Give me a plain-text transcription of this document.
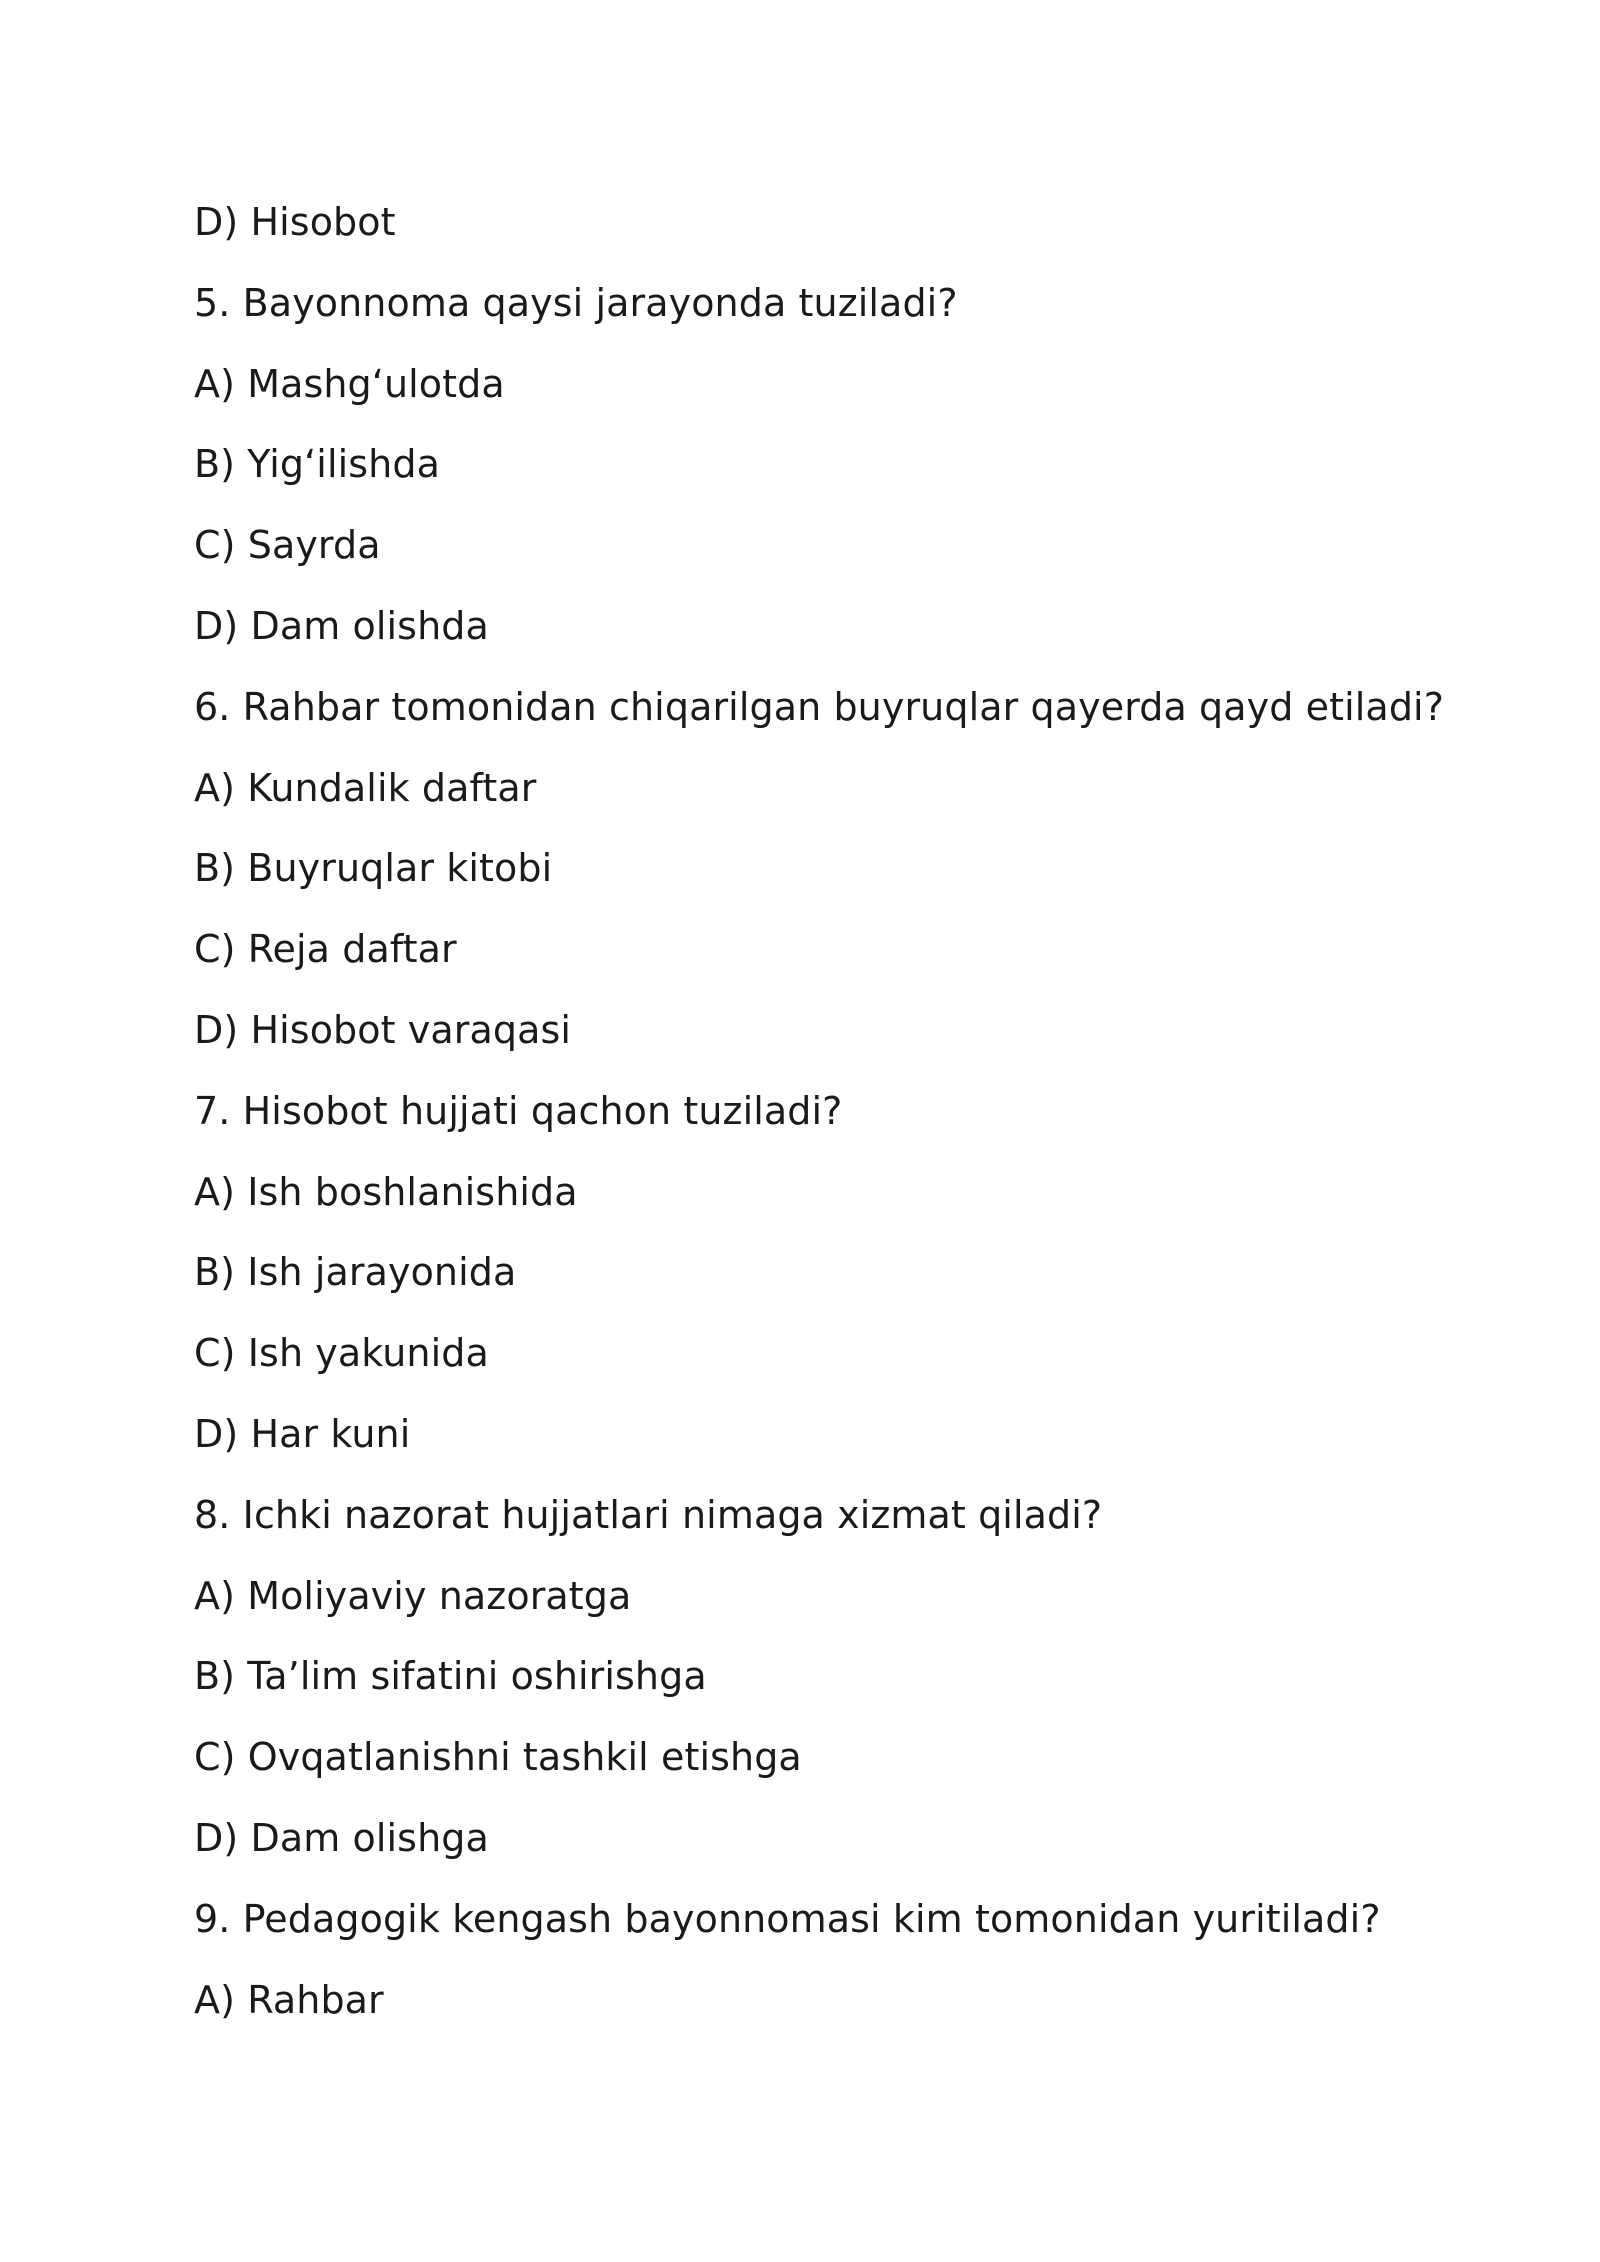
D) Hisobot
5. Bayonnoma qaysi jarayonda tuziladi?
A) Mashg‘ulotda
B) Yig‘ilishda
C) Sayrda
D) Dam olishda
6. Rahbar tomonidan chiqarilgan buyruqlar qayerda qayd etiladi?
A) Kundalik daftar
B) Buyruqlar kitobi
C) Reja daftar
D) Hisobot varaqasi
7. Hisobot hujjati qachon tuziladi?
A) Ish boshlanishida
B) Ish jarayonida
C) Ish yakunida
D) Har kuni
8. Ichki nazorat hujjatlari nimaga xizmat qiladi?
A) Moliyaviy nazoratga
B) Ta’lim sifatini oshirishga
C) Ovqatlanishni tashkil etishga
D) Dam olishga
9. Pedagogik kengash bayonnomasi kim tomonidan yuritiladi?
A) Rahbar
